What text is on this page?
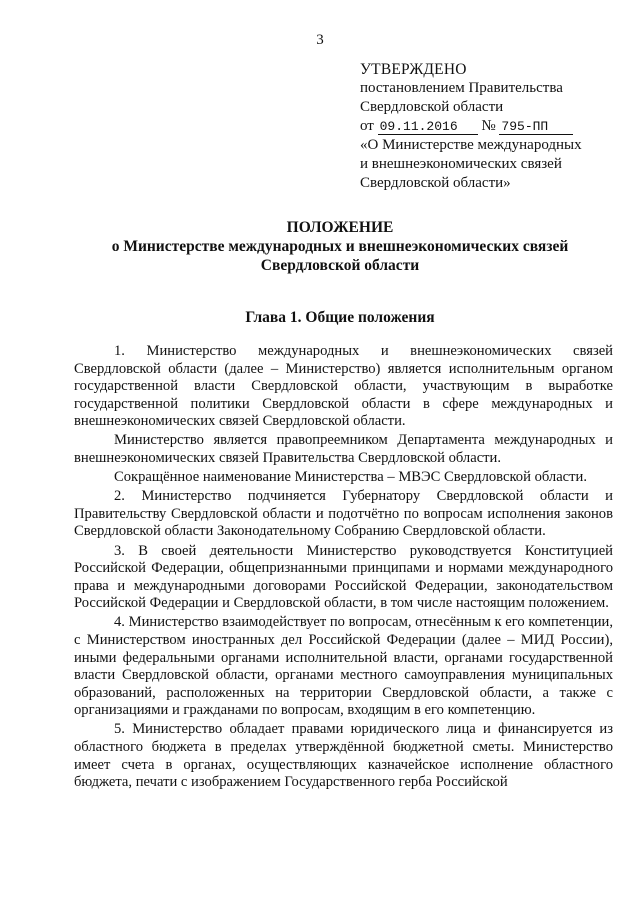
3
УТВЕРЖДЕНО
постановлением Правительства
Свердловской области
от 09.11.2016 № 795-ПП
«О Министерстве международных
и внешнеэкономических связей
Свердловской области»
ПОЛОЖЕНИЕ
о Министерстве международных и внешнеэкономических связей
Свердловской области
Глава 1. Общие положения

1. Министерство международных и внешнеэкономических связей Свердловской области (далее – Министерство) является исполнительным органом государственной власти Свердловской области, участвующим в выработке государственной политики Свердловской области в сфере международных и внешнеэкономических связей Свердловской области.

Министерство является правопреемником Департамента международных и внешнеэкономических связей Правительства Свердловской области.

Сокращённое наименование Министерства – МВЭС Свердловской области.

2. Министерство подчиняется Губернатору Свердловской области и Правительству Свердловской области и подотчётно по вопросам исполнения законов Свердловской области Законодательному Собранию Свердловской области.

3. В своей деятельности Министерство руководствуется Конституцией Российской Федерации, общепризнанными принципами и нормами международного права и международными договорами Российской Федерации, законодательством Российской Федерации и Свердловской области, в том числе настоящим положением.

4. Министерство взаимодействует по вопросам, отнесённым к его компетенции, с Министерством иностранных дел Российской Федерации (далее – МИД России), иными федеральными органами исполнительной власти, органами государственной власти Свердловской области, органами местного самоуправления муниципальных образований, расположенных на территории Свердловской области, а также с организациями и гражданами по вопросам, входящим в его компетенцию.

5. Министерство обладает правами юридического лица и финансируется из областного бюджета в пределах утверждённой бюджетной сметы. Министерство имеет счета в органах, осуществляющих казначейское исполнение областного бюджета, печати с изображением Государственного герба Российской
